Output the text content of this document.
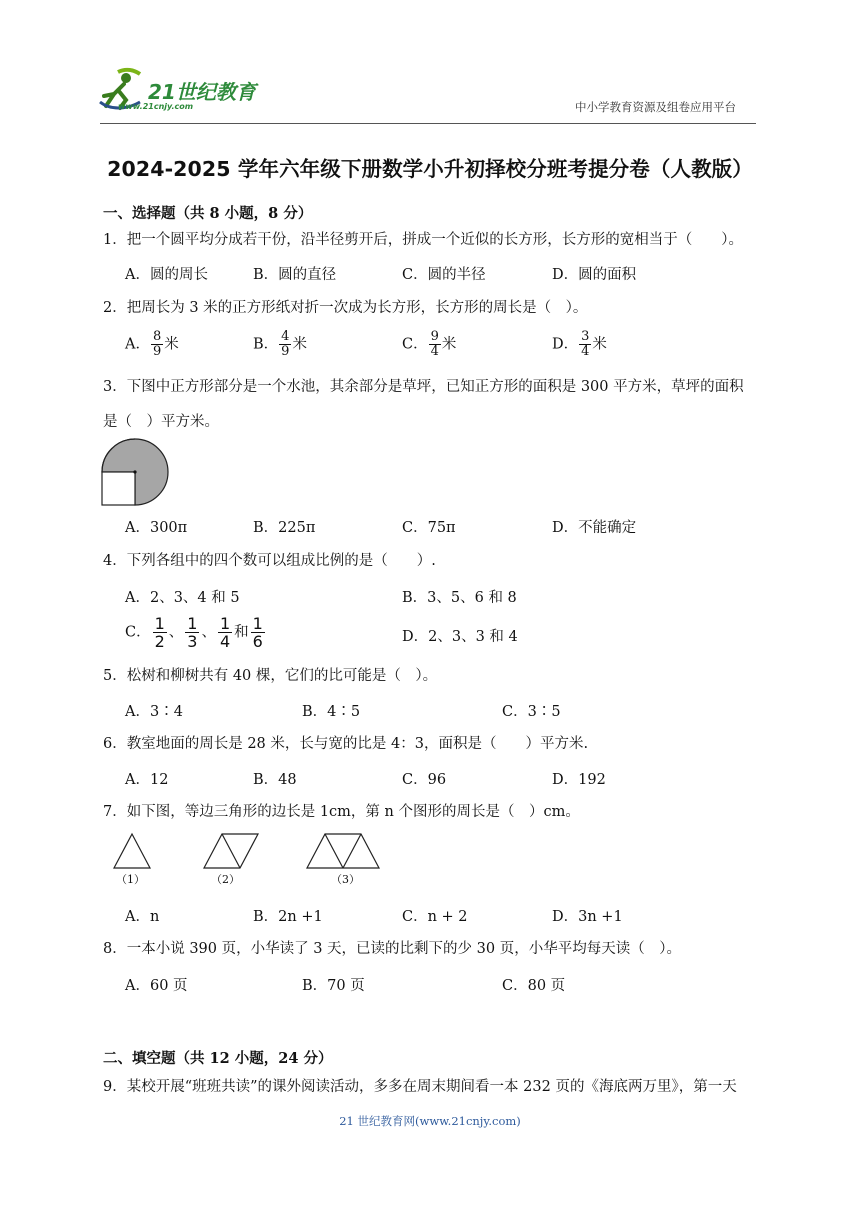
21世纪教育
www.21cnjy.com	中小学教育资源及组卷应用平台
2024-2025 学年六年级下册数学小升初择校分班考提分卷（人教版）
一、选择题（共 8 小题，8 分）
1．把一个圆平均分成若干份，沿半径剪开后，拼成一个近似的长方形，长方形的宽相当于（　　）。
A．圆的周长	B．圆的直径	C．圆的半径	D．圆的面积
2．把周长为 3 米的正方形纸对折一次成为长方形，长方形的周长是（　）。
A． $\frac{8}{9}$ 米	B． $\frac{4}{9}$ 米	C． $\frac{9}{4}$ 米	D． $\frac{3}{4}$ 米
3．下图中正方形部分是一个水池，其余部分是草坪，已知正方形的面积是 300 平方米，草坪的面积
是（　）平方米。
A．300π	B．225π	C．75π	D．不能确定
4．下列各组中的四个数可以组成比例的是（　　）.
A．2、3、4 和 5	B．3、5、6 和 8
C． $\frac{1}{2}$ 、 $\frac{1}{3}$ 、 $\frac{1}{4}$ 和 $\frac{1}{6}$	D．2、3、3 和 4
5．松树和柳树共有 40 棵，它们的比可能是（　）。
A．3∶4	B．4∶5	C．3∶5
6．教室地面的周长是 28 米，长与宽的比是 4：3，面积是（　　）平方米.
A．12	B．48	C．96	D．192
7．如下图，等边三角形的边长是 1cm，第 n 个图形的周长是（　）cm。
（1）	（2）	（3）
A．n	B．2n +1	C．n + 2	D．3n +1
8．一本小说 390 页，小华读了 3 天，已读的比剩下的少 30 页，小华平均每天读（　）。
A．60 页	B．70 页	C．80 页
二、填空题（共 12 小题，24 分）
9．某校开展“班班共读”的课外阅读活动，多多在周末期间看一本 232 页的《海底两万里》，第一天
21 世纪教育网(www.21cnjy.com)
